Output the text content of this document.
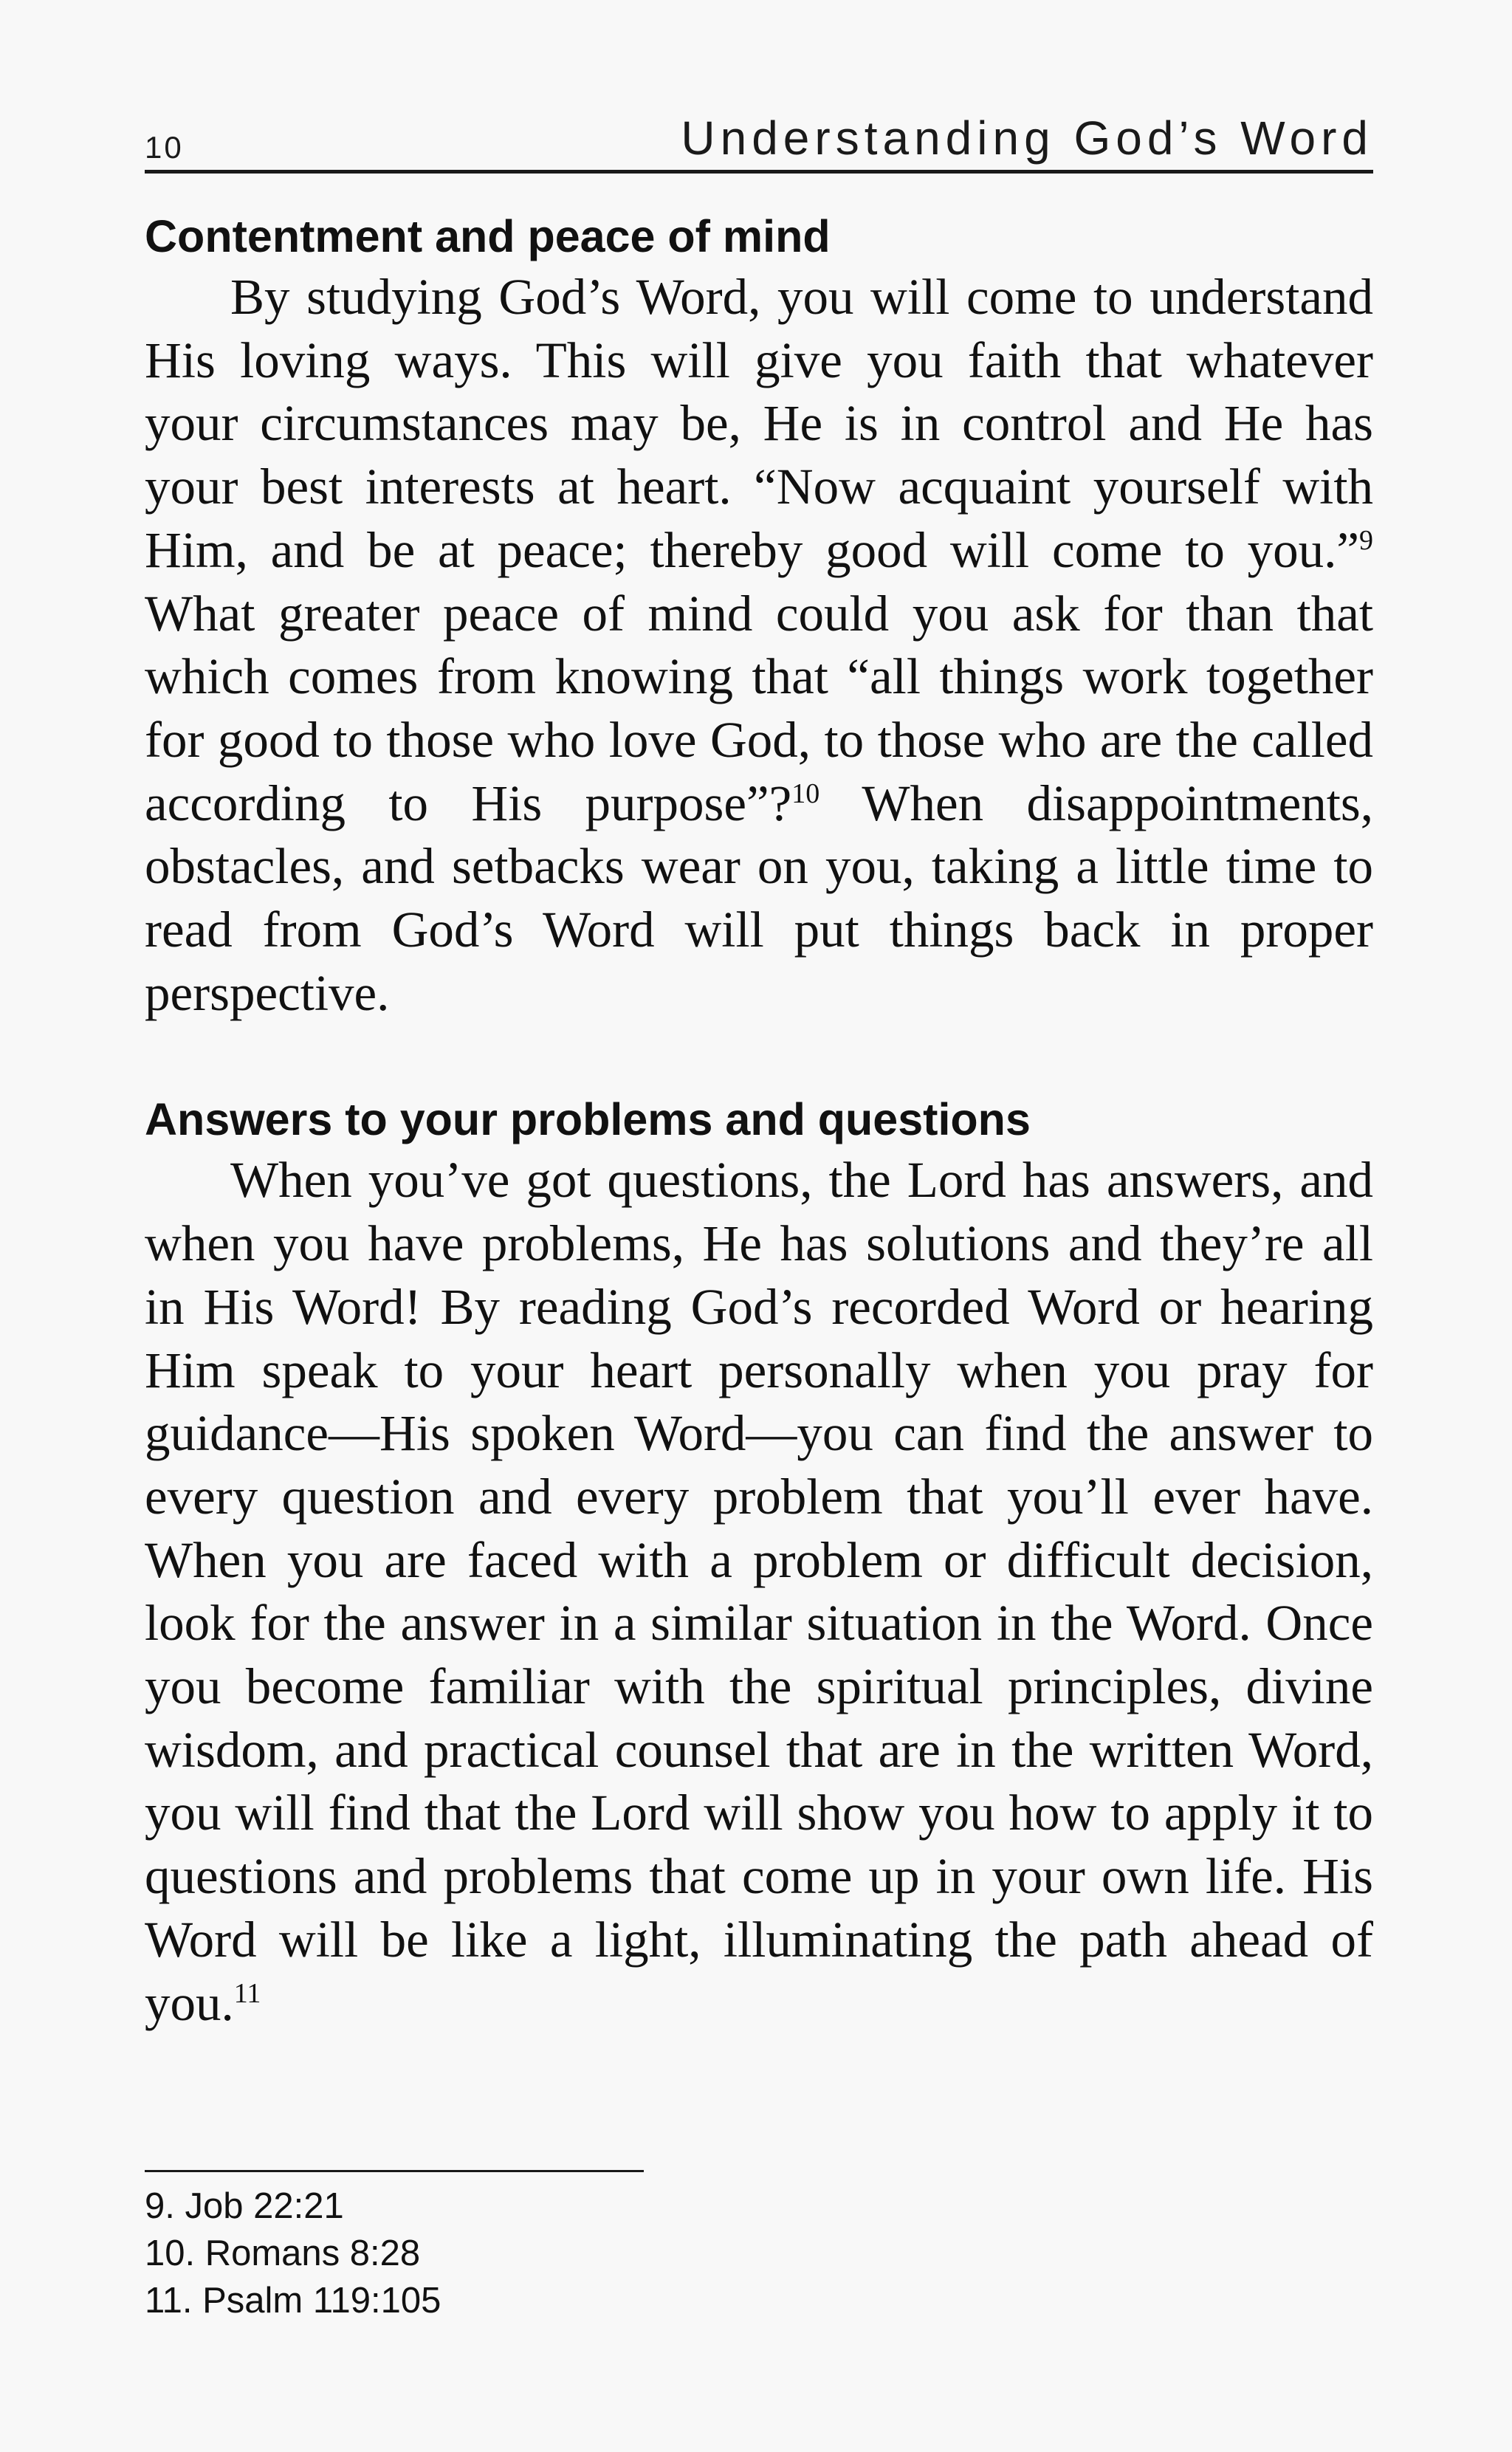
10	Understanding God’s Word
Contentment and peace of mind

By studying God’s Word, you will come to understand His loving ways. This will give you faith that whatever your circumstances may be, He is in control and He has your best interests at heart. “Now acquaint yourself with Him, and be at peace; thereby good will come to you.”$^9$ What greater peace of mind could you ask for than that which comes from knowing that “all things work together for good to those who love God, to those who are the called according to His purpose”?$^{10}$ When disappointments, obstacles, and setbacks wear on you, taking a little time to read from God’s Word will put things back in proper perspective.

Answers to your problems and questions

When you’ve got questions, the Lord has answers, and when you have problems, He has solutions and they’re all in His Word! By reading God’s recorded Word or hearing Him speak to your heart personally when you pray for guidance—His spoken Word—you can find the answer to every question and every problem that you’ll ever have. When you are faced with a problem or difficult decision, look for the answer in a similar situation in the Word. Once you become familiar with the spiritual principles, divine wisdom, and practical counsel that are in the written Word, you will find that the Lord will show you how to apply it to questions and problems that come up in your own life. His Word will be like a light, illuminating the path ahead of you.$^{11}$

9. Job 22:21
10. Romans 8:28
11. Psalm 119:105
